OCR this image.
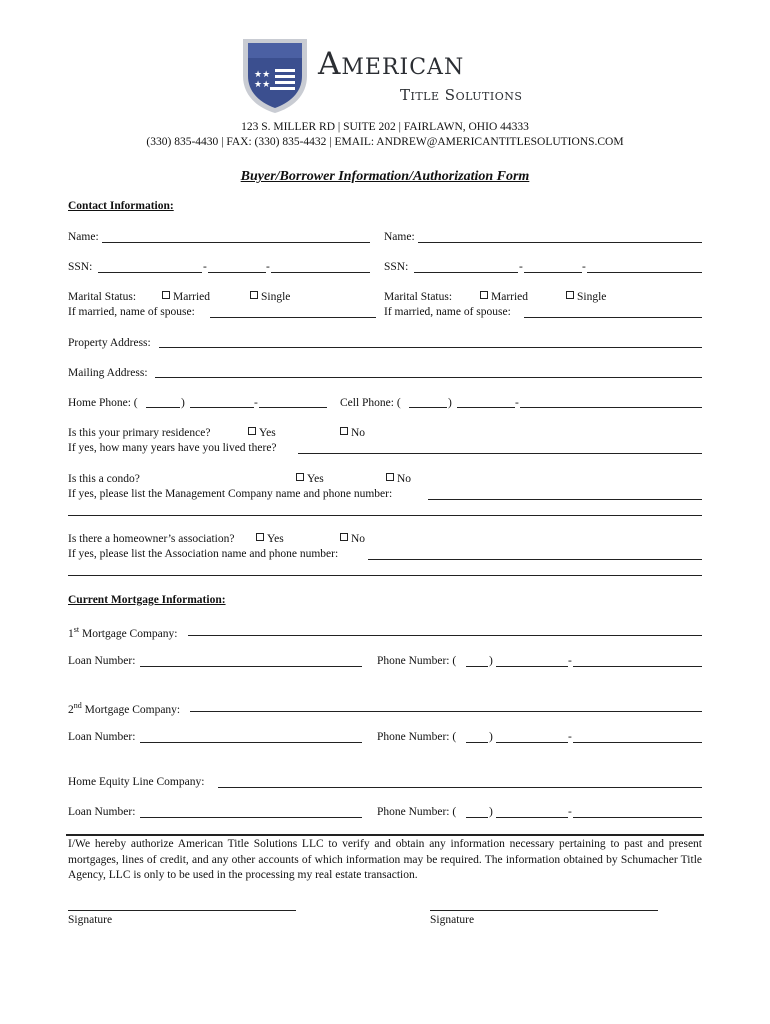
★★
★★
American
Title Solutions
123 S. MILLER RD | SUITE 202 | FAIRLAWN, OHIO 44333
(330) 835-4430 | FAX: (330) 835-4432 | EMAIL: ANDREW@AMERICANTITLESOLUTIONS.COM
Buyer/Borrower Information/Authorization Form
Contact Information:
Name:	Name:
SSN:	-	-	SSN:	-	-
Marital Status:	Married	Single
If married, name of spouse:
Marital Status:	Married	Single
If married, name of spouse:
Property Address:
Mailing Address:
Home Phone: (	)	-	Cell Phone: (	)	-
Is this your primary residence?	Yes	No
If yes, how many years have you lived there?
Is this a condo?	Yes	No
If yes, please list the Management Company name and phone number:
Is there a homeowner’s association?	Yes	No
If yes, please list the Association name and phone number:
Current Mortgage Information:
1st Mortgage Company:
Loan Number:	Phone Number: (	)	-
2nd Mortgage Company:
Loan Number:	Phone Number: (	)	-
Home Equity Line Company:
Loan Number:	Phone Number: (	)	-
I/We hereby authorize American Title Solutions LLC to verify and obtain any information necessary pertaining to past and present mortgages, lines of credit, and any other accounts of which information may be required. The information obtained by Schumacher Title Agency, LLC is only to be used in the processing my real estate transaction.
Signature	Signature
